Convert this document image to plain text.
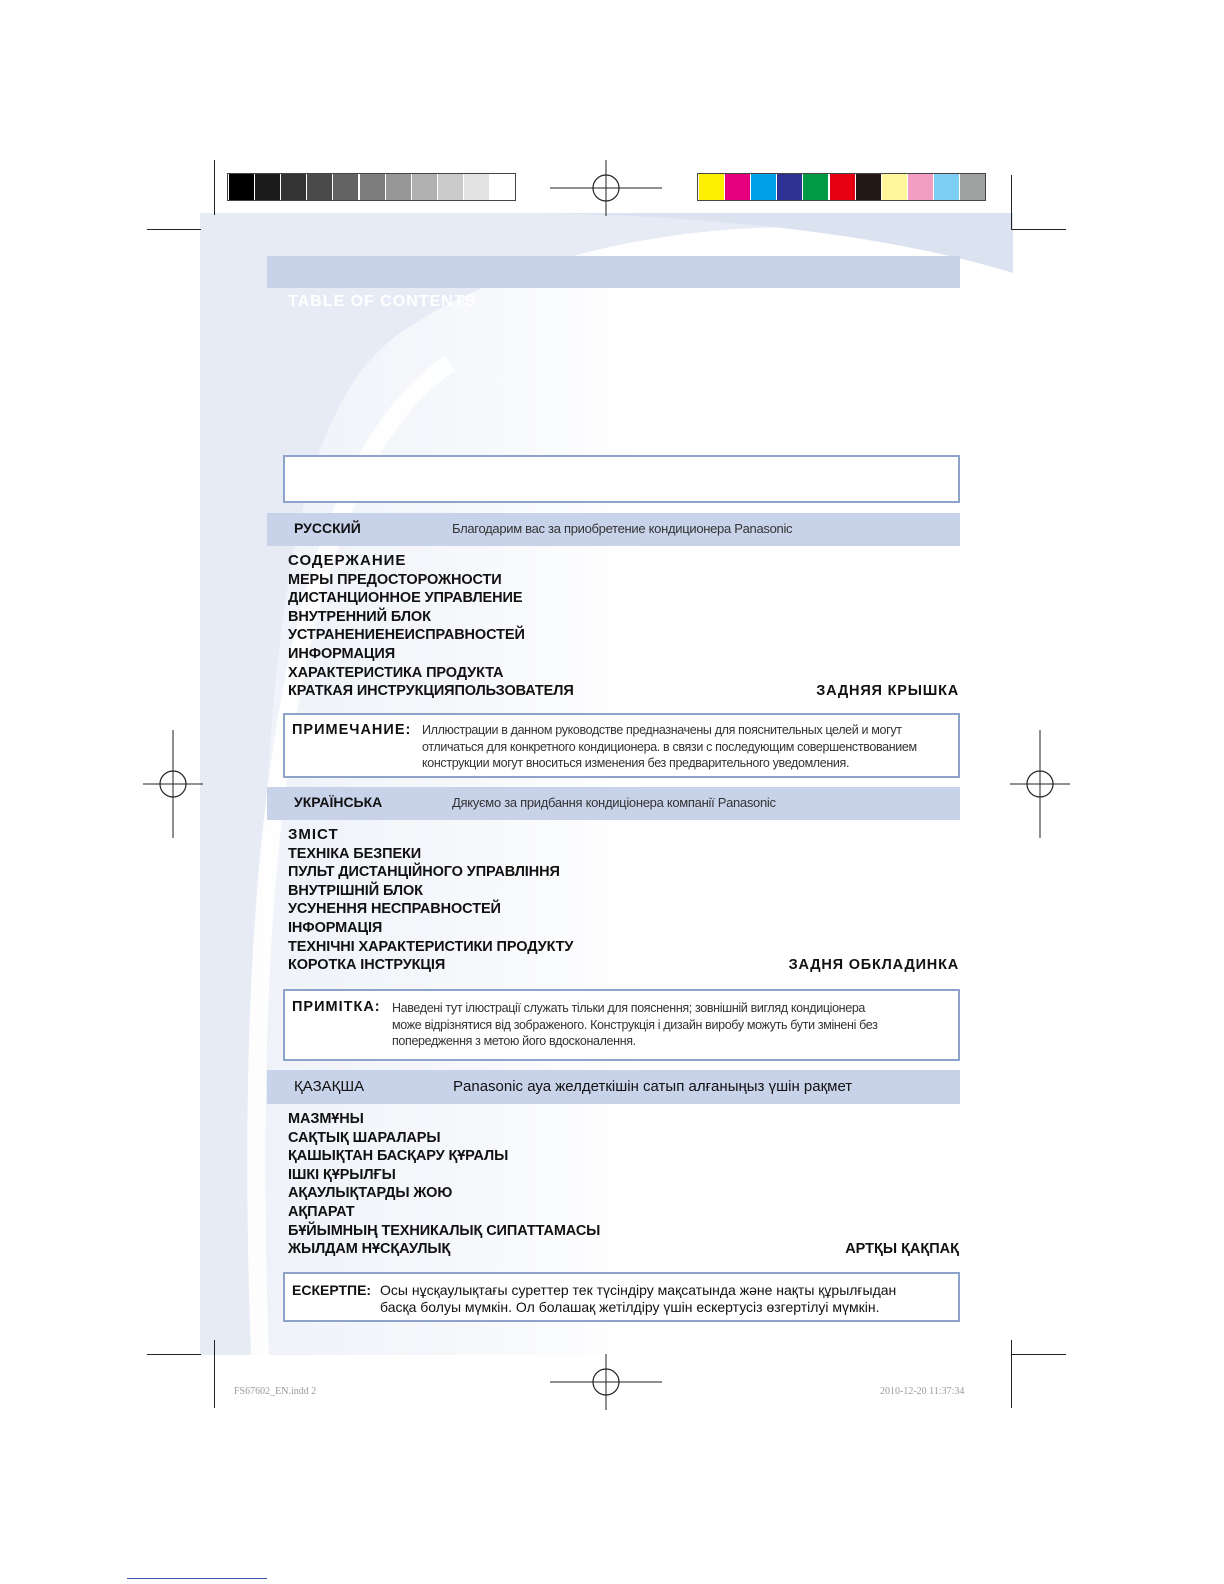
TABLE OF CONTENTS
РУССКИЙ	Благодарим вас за приобретение кондиционера Panasonic
СОДЕРЖАНИЕ
МЕРЫ ПРЕДОСТОРОЖНОСТИ
ДИСТАНЦИОННОЕ УПРАВЛЕНИЕ
ВНУТРЕННИЙ БЛОК
УСТРАНЕНИЕНЕИСПРАВНОСТЕЙ
ИНФОРМАЦИЯ
ХАРАКТЕРИСТИКА ПРОДУКТА
КРАТКАЯ ИНСТРУКЦИЯПОЛЬЗОВАТЕЛЯ	ЗАДНЯЯ КРЫШКА
ПРИМЕЧАНИЕ: Иллюстрации в данном руководстве предназначены для пояснительных целей и могут
отличаться для конкретного кондиционера. в связи с последующим совершенствованием
конструкции могут вноситься изменения без предварительного уведомления.
УКРАЇНСЬКА	Дякуємо за придбання кондиціонера компанії Panasonic
ЗМІСТ
ТЕХНІКА БЕЗПЕКИ
ПУЛЬТ ДИСТАНЦІЙНОГО УПРАВЛІННЯ
ВНУТРІШНІЙ БЛОК
УСУНЕННЯ НЕСПРАВНОСТЕЙ
ІНФОРМАЦІЯ
ТЕХНІЧНІ ХАРАКТЕРИСТИКИ ПРОДУКТУ
КОРОТКА ІНСТРУКЦІЯ	ЗАДНЯ ОБКЛАДИНКА
ПРИМІТКА: Наведені тут ілюстрації служать тільки для пояснення; зовнішній вигляд кондиціонера
може відрізнятися від зображеного. Конструкція і дизайн виробу можуть бути змінені без
попередження з метою його вдосконалення.
ҚАЗАҚША	Panasonic ауа желдеткішін сатып алғаныңыз үшін рақмет
МАЗМҰНЫ
САҚТЫҚ ШАРАЛАРЫ
ҚАШЫҚТАН БАСҚАРУ ҚҰРАЛЫ
ІШКІ ҚҰРЫЛҒЫ
АҚАУЛЫҚТАРДЫ ЖОЮ
АҚПАРАТ
БҰЙЫМНЫҢ ТЕХНИКАЛЫҚ СИПАТТАМАСЫ
ЖЫЛДАМ НҰСҚАУЛЫҚ	АРТҚЫ ҚАҚПАҚ
ЕСКЕРТПЕ: Осы нұсқаулықтағы суреттер тек түсіндіру мақсатында және нақты құрылғыдан
басқа болуы мүмкін. Ол болашақ жетілдіру үшін ескертусіз өзгертілуі мүмкін.
FS67602_EN.indd 2	2010-12-20 11:37:34
